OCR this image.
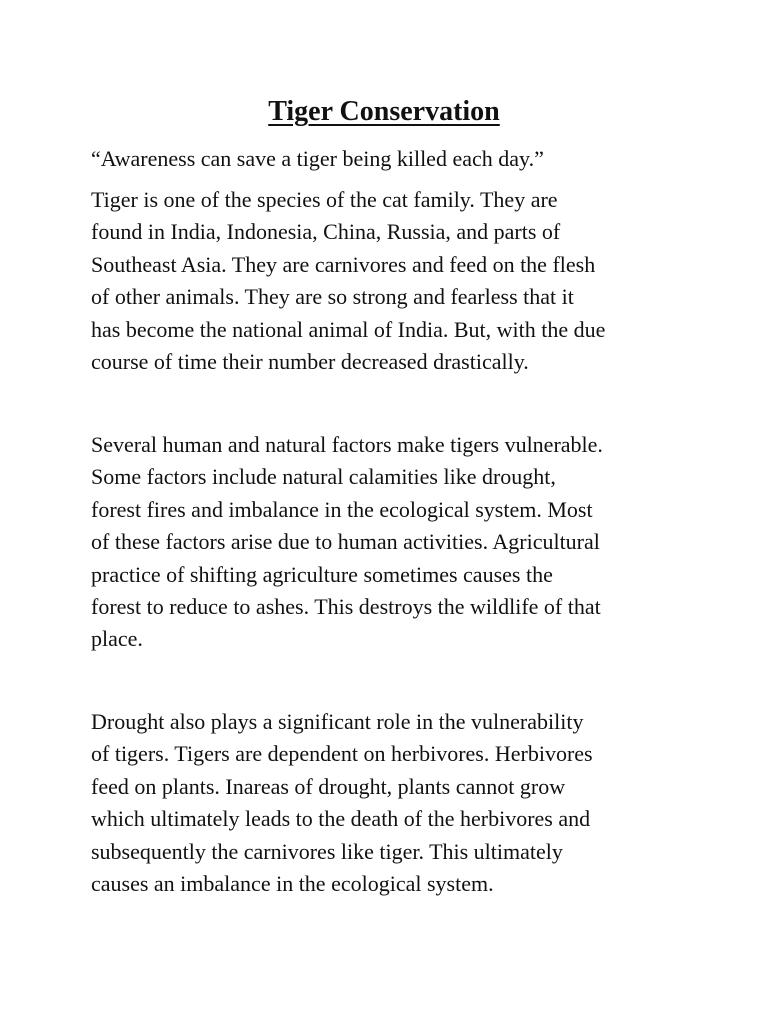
Tiger Conservation
“Awareness can save a tiger being killed each day.”
Tiger is one of the species of the cat family. They are
found in India, Indonesia, China, Russia, and parts of
Southeast Asia. They are carnivores and feed on the flesh
of other animals. They are so strong and fearless that it
has become the national animal of India. But, with the due
course of time their number decreased drastically.
Several human and natural factors make tigers vulnerable.
Some factors include natural calamities like drought,
forest fires and imbalance in the ecological system. Most
of these factors arise due to human activities. Agricultural
practice of shifting agriculture sometimes causes the
forest to reduce to ashes. This destroys the wildlife of that
place.
Drought also plays a significant role in the vulnerability
of tigers. Tigers are dependent on herbivores. Herbivores
feed on plants. Inareas of drought, plants cannot grow
which ultimately leads to the death of the herbivores and
subsequently the carnivores like tiger. This ultimately
causes an imbalance in the ecological system.
